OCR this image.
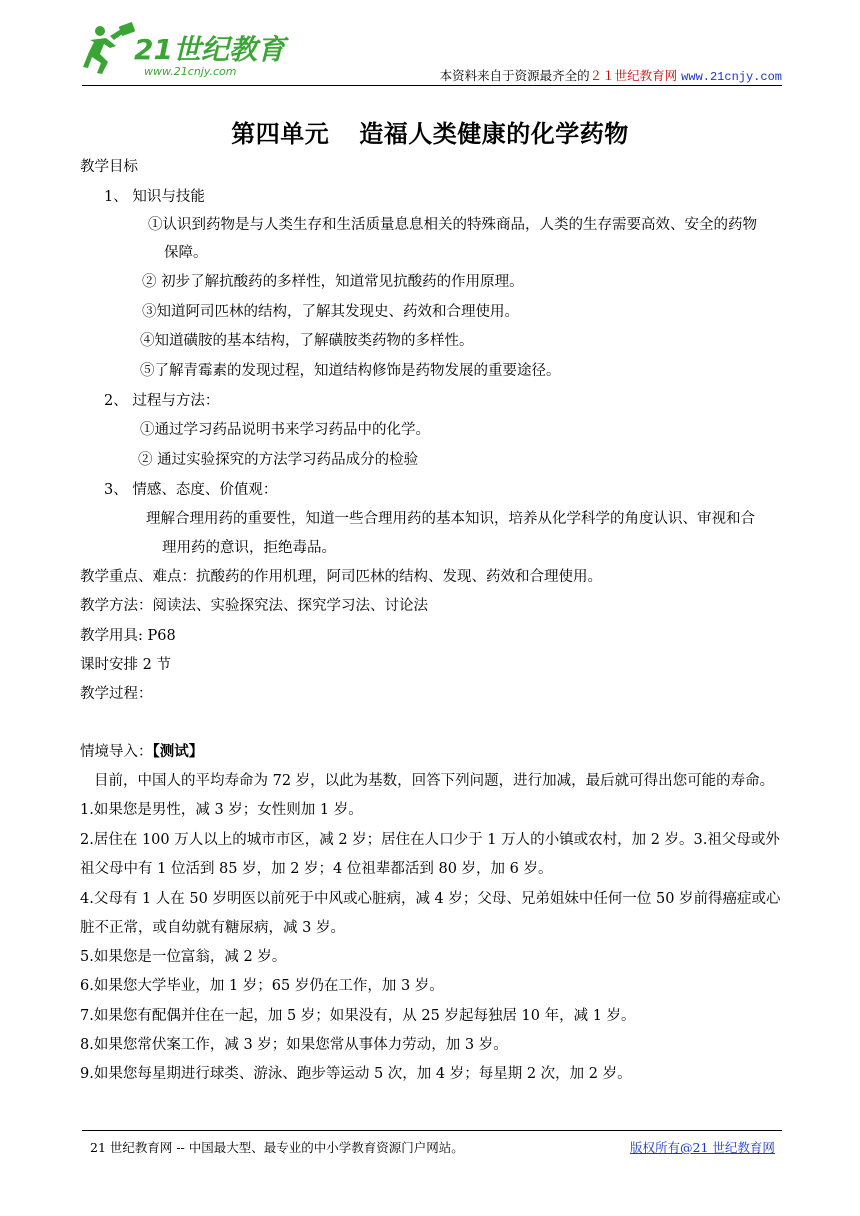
21世纪教育
www.21cnjy.com	本资料来自于资源最齐全的２１世纪教育网 www.21cnjy.com
第四单元 造福人类健康的化学药物
教学目标
1、 知识与技能
①认识到药物是与人类生存和生活质量息息相关的特殊商品，人类的生存需要高效、安全的药物
保障。
② 初步了解抗酸药的多样性，知道常见抗酸药的作用原理。
③知道阿司匹林的结构，了解其发现史、药效和合理使用。
④知道磺胺的基本结构，了解磺胺类药物的多样性。
⑤了解青霉素的发现过程，知道结构修饰是药物发展的重要途径。
2、 过程与方法：
①通过学习药品说明书来学习药品中的化学。
② 通过实验探究的方法学习药品成分的检验
3、 情感、态度、价值观：
理解合理用药的重要性，知道一些合理用药的基本知识，培养从化学科学的角度认识、审视和合
理用药的意识，拒绝毒品。
教学重点、难点：抗酸药的作用机理，阿司匹林的结构、发现、药效和合理使用。
教学方法：阅读法、实验探究法、探究学习法、讨论法
教学用具: P68
课时安排 2 节
教学过程：
情境导入：【测试】
目前，中国人的平均寿命为 72 岁，以此为基数，回答下列问题，进行加减，最后就可得出您可能的寿命。
1.如果您是男性，减 3 岁；女性则加 1 岁。
2.居住在 100 万人以上的城市市区，减 2 岁；居住在人口少于 1 万人的小镇或农村，加 2 岁。3.祖父母或外
祖父母中有 1 位活到 85 岁，加 2 岁；4 位祖辈都活到 80 岁，加 6 岁。
4.父母有 1 人在 50 岁明医以前死于中风或心脏病，减 4 岁；父母、兄弟姐妹中任何一位 50 岁前得癌症或心
脏不正常，或自幼就有糖尿病，减 3 岁。
5.如果您是一位富翁，减 2 岁。
6.如果您大学毕业，加 1 岁；65 岁仍在工作，加 3 岁。
7.如果您有配偶并住在一起，加 5 岁；如果没有，从 25 岁起每独居 10 年，减 1 岁。
8.如果您常伏案工作，减 3 岁；如果您常从事体力劳动，加 3 岁。
9.如果您每星期进行球类、游泳、跑步等运动 5 次，加 4 岁；每星期 2 次，加 2 岁。
21 世纪教育网 -- 中国最大型、最专业的中小学教育资源门户网站。	版权所有@21 世纪教育网
